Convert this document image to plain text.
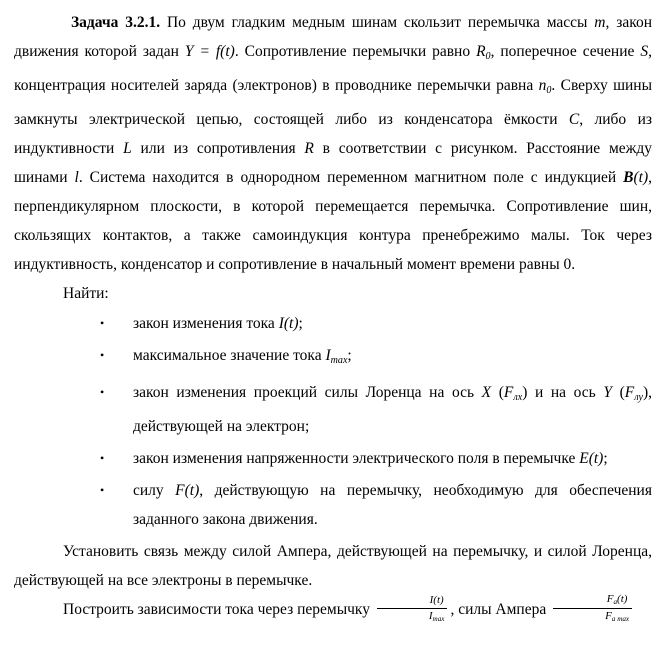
Задача 3.2.1. По двум гладким медным шинам скользит перемычка массы m, закон движения которой задан Y = f(t). Сопротивление перемычки равно R0, поперечное сечение S, концентрация носителей заряда (электронов) в проводнике перемычки равна n0. Сверху шины замкнуты электрической цепью, состоящей либо из конденсатора ёмкости C, либо из индуктивности L или из сопротивления R в соответствии с рисунком. Расстояние между шинами l. Система находится в однородном переменном магнитном поле с индукцией B(t), перпендикулярном плоскости, в которой перемещается перемычка. Сопротивление шин, скользящих контактов, а также самоиндукция контура пренебрежимо малы. Ток через индуктивность, конденсатор и сопротивление в начальный момент времени равны 0.

Найти:

•	закон изменения тока I(t);
•	максимальное значение тока Imax;
•	закон изменения проекций силы Лоренца на ось X (Fлх) и на ось Y (Fлу), действующей на электрон;
•	закон изменения напряженности электрического поля в перемычке E(t);
•	силу F(t), действующую на перемычку, необходимую для обеспечения заданного закона движения.

Установить связь между силой Ампера, действующей на перемычку, и силой Лоренца, действующей на все электроны в перемычке.

Построить зависимости тока через перемычку $\frac{I(t)}{Imax}$ , силы Ампера $\frac{Fа(t)}{\text{Fа max}}$
